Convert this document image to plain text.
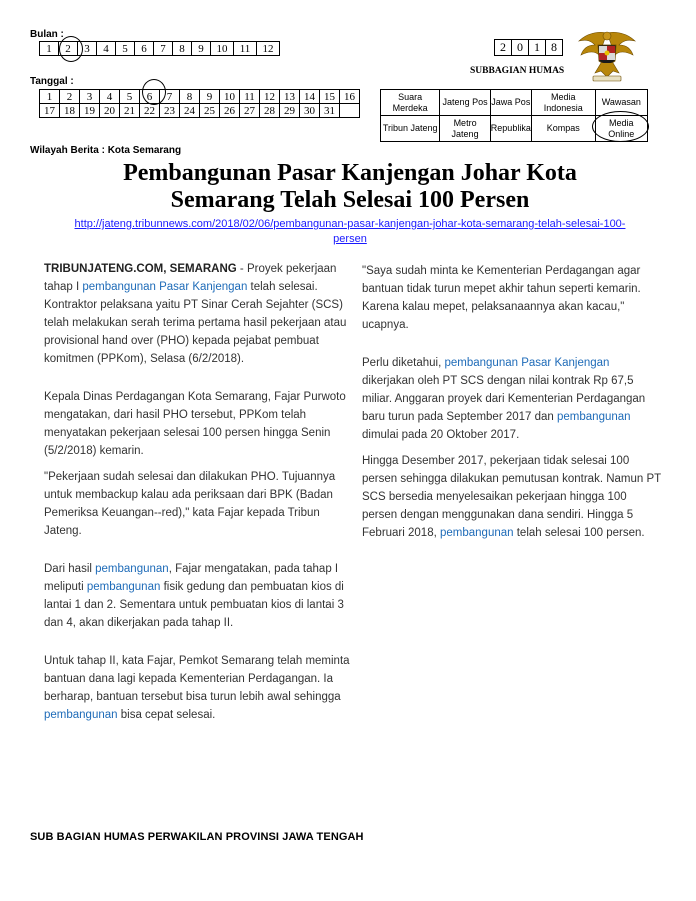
Bulan :
1	2	3	4	5	6	7	8	9	10	11	12
Tanggal :
1	2	3	4	5	6	7	8	9	10	11	12	13	14	15	16
17	18	19	20	21	22	23	24	25	26	27	28	29	30	31	
2	0	1	8
SUBBAGIAN HUMAS
Suara Merdeka	Jateng Pos	Jawa Pos	Media Indonesia	Wawasan
Tribun Jateng	Metro Jateng	Republika	Kompas	Media Online
Wilayah Berita : Kota Semarang
Pembangunan Pasar Kanjengan Johar Kota
Semarang Telah Selesai 100 Persen
http://jateng.tribunnews.com/2018/02/06/pembangunan-pasar-kanjengan-johar-kota-semarang-telah-selesai-100-
persen

TRIBUNJATENG.COM, SEMARANG - Proyek pekerjaan tahap I pembangunan Pasar Kanjengan telah selesai. Kontraktor pelaksana yaitu PT Sinar Cerah Sejahter (SCS) telah melakukan serah terima pertama hasil pekerjaan atau provisional hand over (PHO) kepada pejabat pembuat komitmen (PPKom), Selasa (6/2/2018).

Kepala Dinas Perdagangan Kota Semarang, Fajar Purwoto mengatakan, dari hasil PHO tersebut, PPKom telah menyatakan pekerjaan selesai 100 persen hingga Senin (5/2/2018) kemarin.

"Pekerjaan sudah selesai dan dilakukan PHO. Tujuannya untuk membackup kalau ada periksaan dari BPK (Badan Pemeriksa Keuangan--red)," kata Fajar kepada Tribun Jateng.

Dari hasil pembangunan, Fajar mengatakan, pada tahap I meliputi pembangunan fisik gedung dan pembuatan kios di lantai 1 dan 2. Sementara untuk pembuatan kios di lantai 3 dan 4, akan dikerjakan pada tahap II.

Untuk tahap II, kata Fajar, Pemkot Semarang telah meminta bantuan dana lagi kepada Kementerian Perdagangan. Ia berharap, bantuan tersebut bisa turun lebih awal sehingga pembangunan bisa cepat selesai.

"Saya sudah minta ke Kementerian Perdagangan agar bantuan tidak turun mepet akhir tahun seperti kemarin. Karena kalau mepet, pelaksanaannya akan kacau," ucapnya.

Perlu diketahui, pembangunan Pasar Kanjengan dikerjakan oleh PT SCS dengan nilai kontrak Rp 67,5 miliar. Anggaran proyek dari Kementerian Perdagangan baru turun pada September 2017 dan pembangunan dimulai pada 20 Oktober 2017.

Hingga Desember 2017, pekerjaan tidak selesai 100 persen sehingga dilakukan pemutusan kontrak. Namun PT SCS bersedia menyelesaikan pekerjaan hingga 100 persen dengan menggunakan dana sendiri. Hingga 5 Februari 2018, pembangunan telah selesai 100 persen.

SUB BAGIAN HUMAS PERWAKILAN PROVINSI JAWA TENGAH
